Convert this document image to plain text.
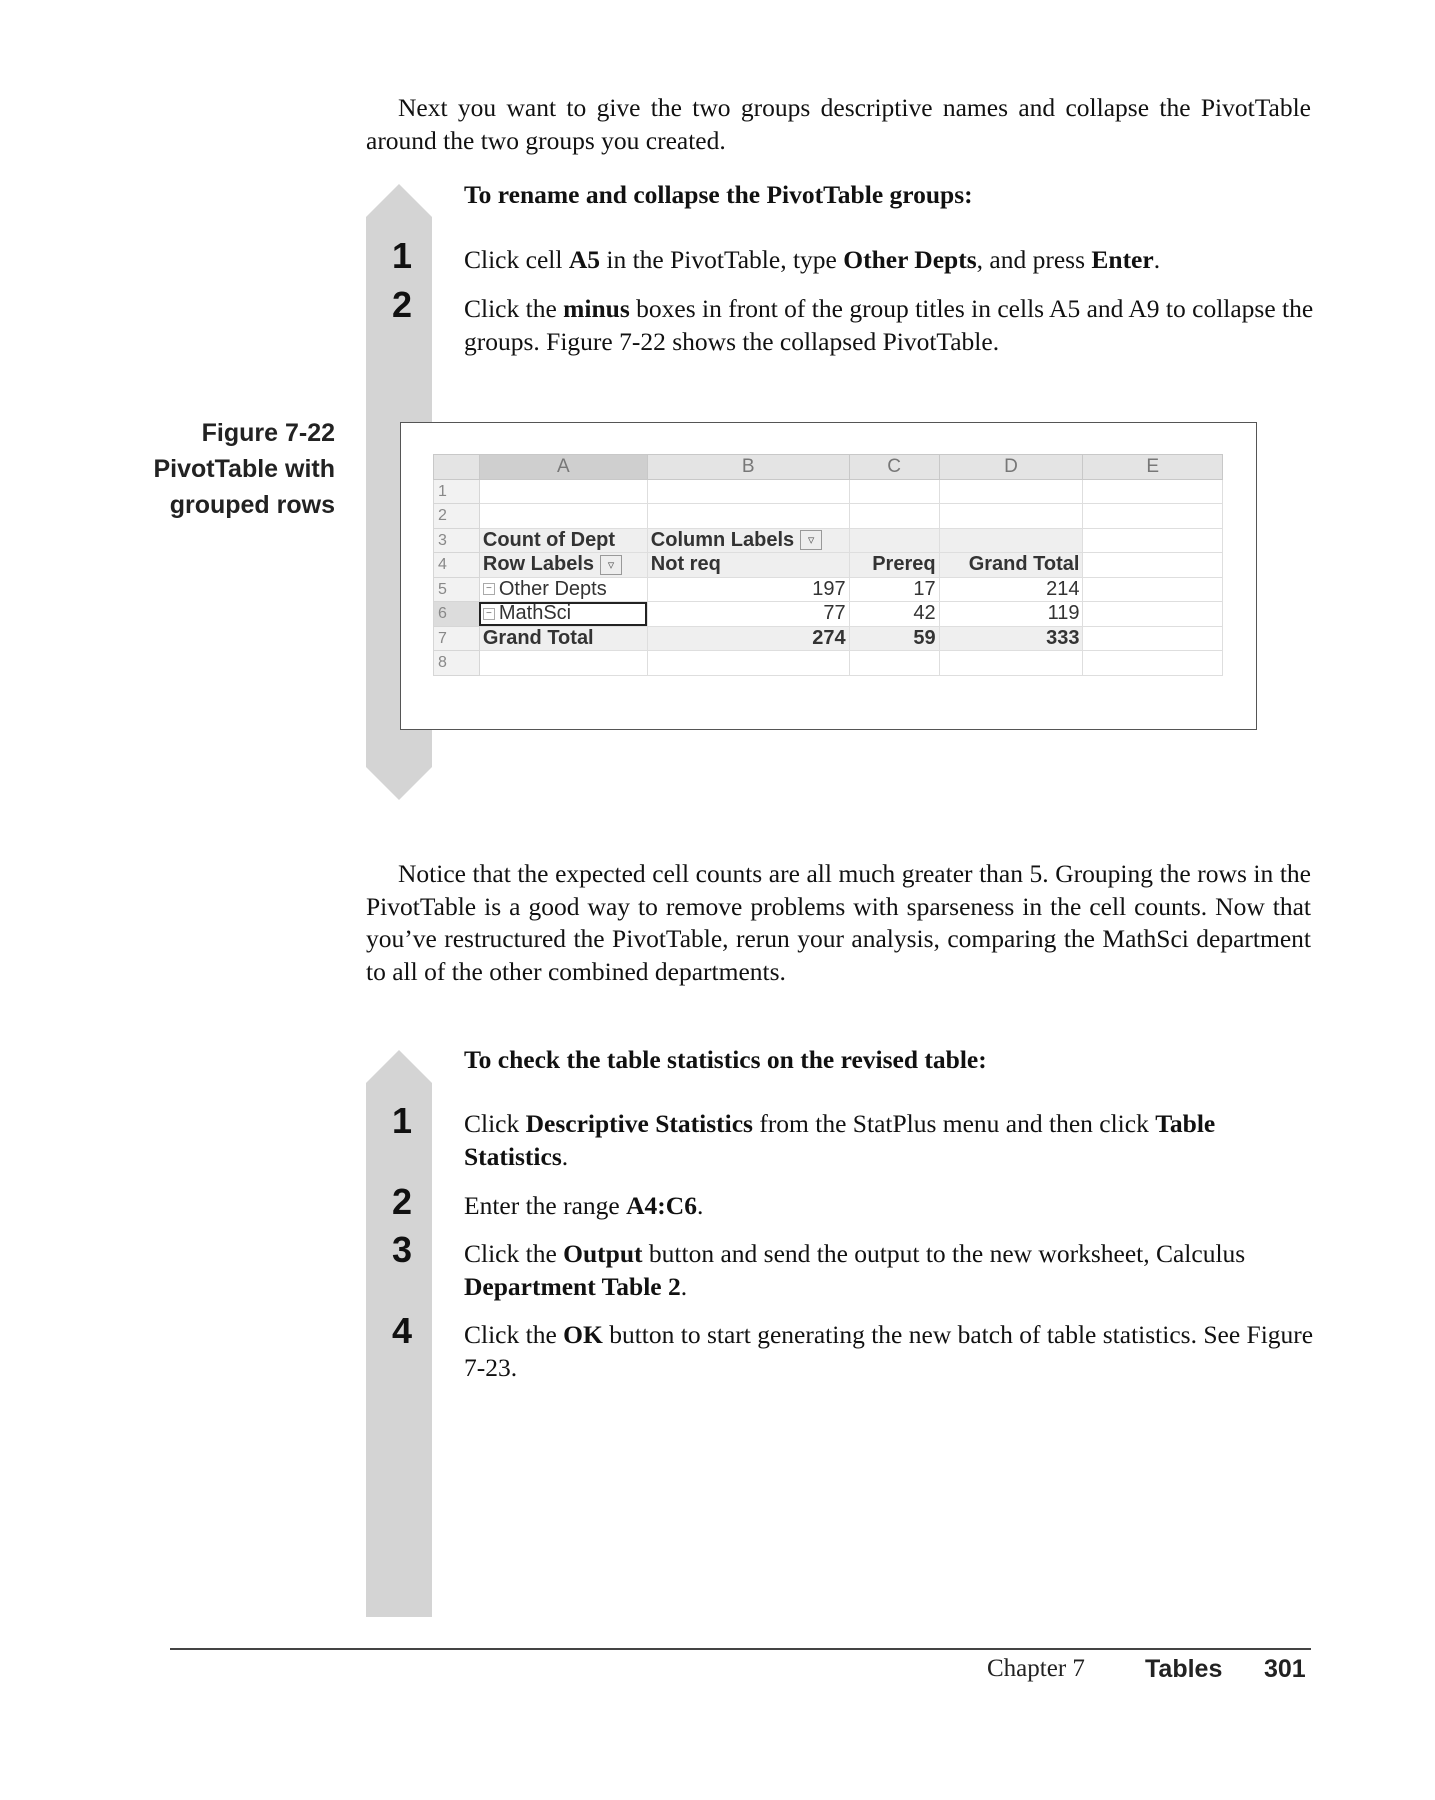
Next you want to give the two groups descriptive names and collapse the PivotTable around the two groups you created.
To rename and collapse the PivotTable groups:
1 Click cell A5 in the PivotTable, type Other Depts, and press Enter.
2 Click the minus boxes in front of the group titles in cells A5 and A9 to collapse the groups. Figure 7-22 shows the collapsed PivotTable.
Figure 7-22
PivotTable with
grouped rows
	A	B	C	D	E
1					
2					
3	Count of Dept	Column Labels ▿			
4	Row Labels ▿	Not req	Prereq	Grand Total	
5	− Other Depts	197	17	214	
6	− MathSci	77	42	119	
7	Grand Total	274	59	333	
8					
Notice that the expected cell counts are all much greater than 5. Grouping the rows in the PivotTable is a good way to remove problems with sparseness in the cell counts. Now that you’ve restructured the PivotTable, rerun your analysis, comparing the MathSci department to all of the other combined departments.
To check the table statistics on the revised table:
1 Click Descriptive Statistics from the StatPlus menu and then click Table Statistics.
2 Enter the range A4:C6.
3 Click the Output button and send the output to the new worksheet, Calculus Department Table 2.
4 Click the OK button to start generating the new batch of table statistics. See Figure 7-23.
Chapter 7 Tables 301
